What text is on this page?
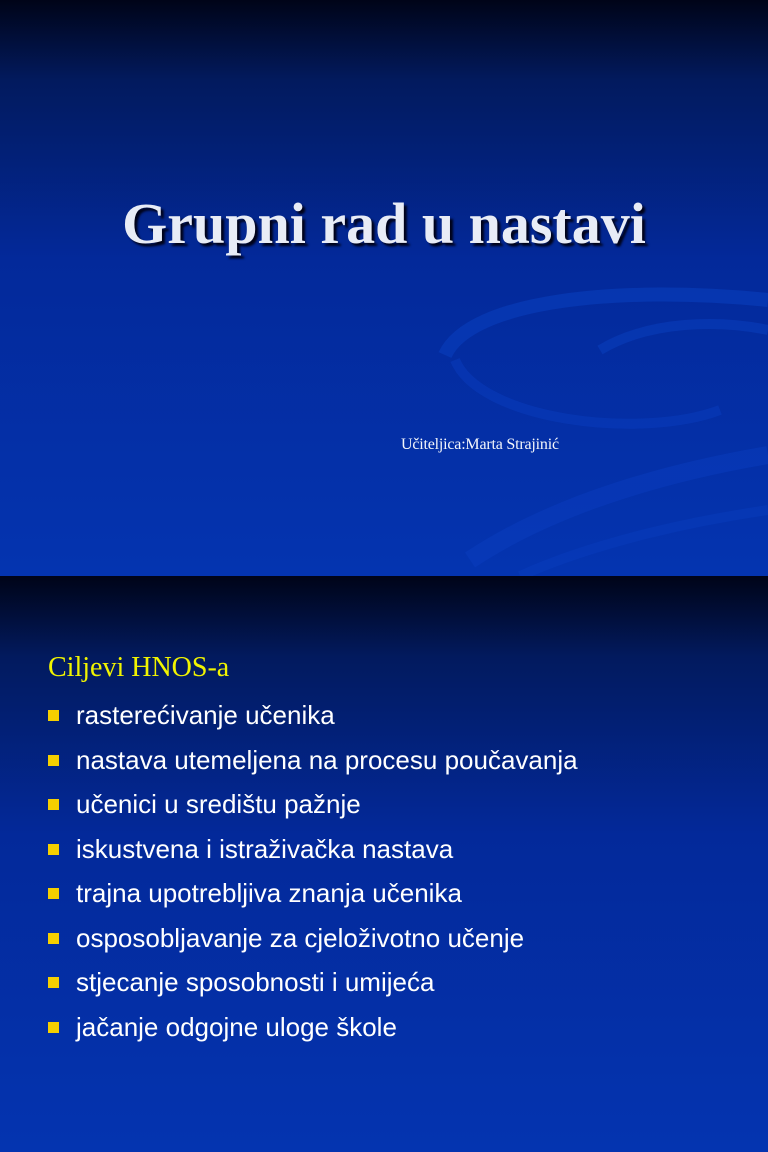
Grupni rad u nastavi
Učiteljica:Marta Strajinić
Ciljevi HNOS-a
rasterećivanje učenika
nastava utemeljena na procesu poučavanja
učenici u središtu pažnje
iskustvena i istraživačka nastava
trajna upotrebljiva znanja učenika
osposobljavanje za cjeloživotno učenje
stjecanje sposobnosti i umijeća
jačanje odgojne uloge škole
